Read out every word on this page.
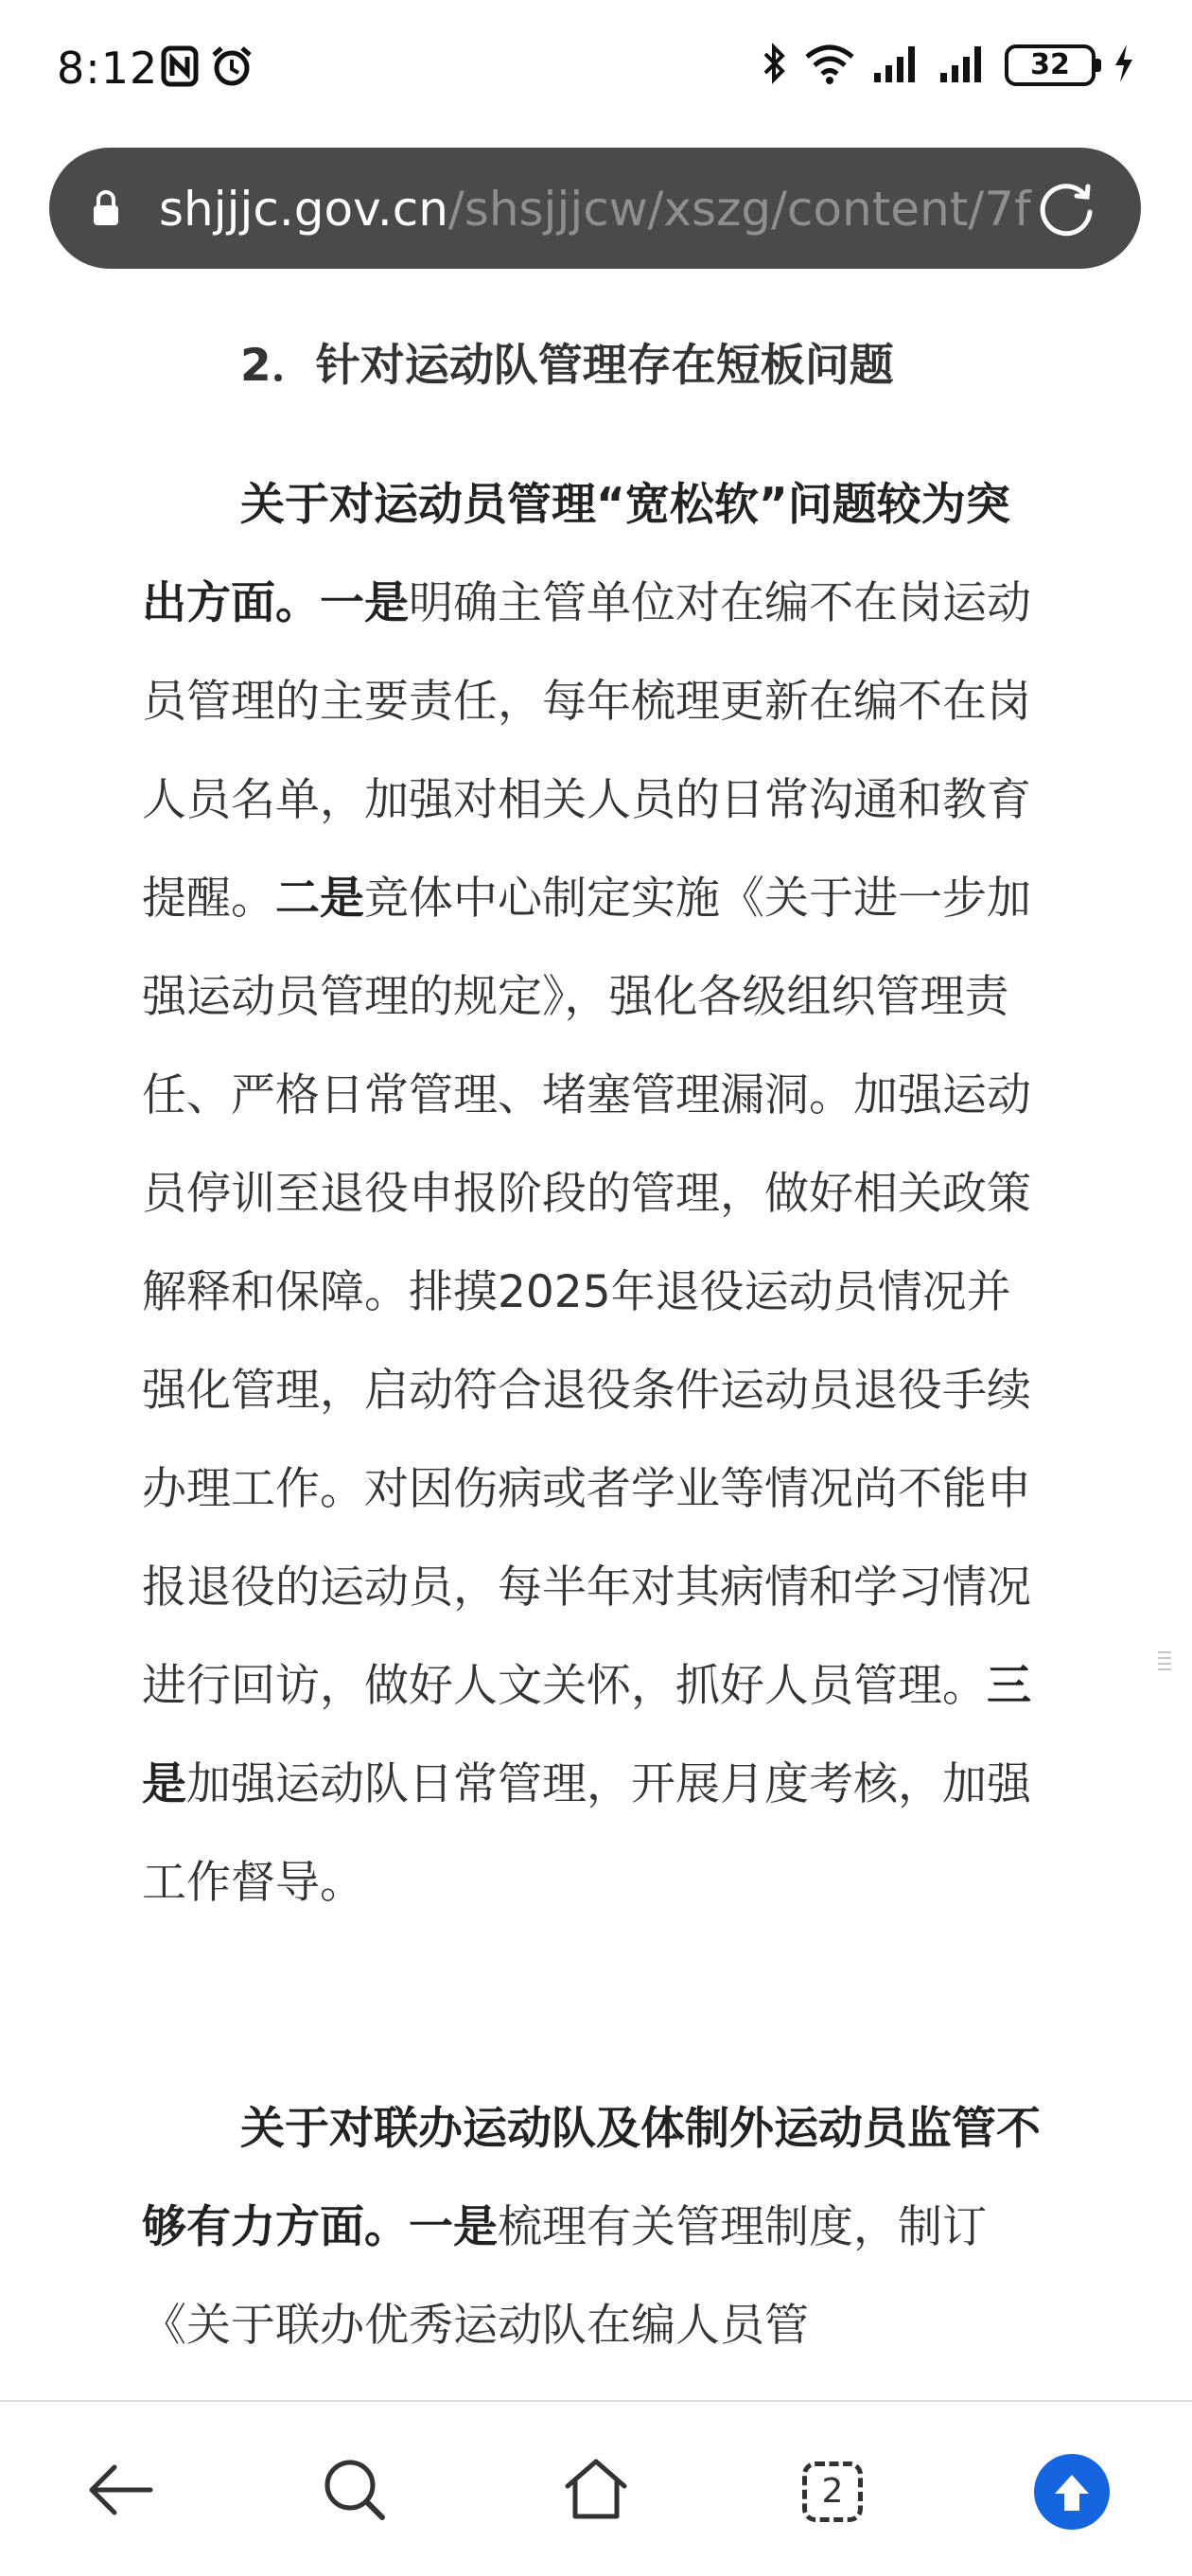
8:12	32
shjjjc.gov.cn/shsjjjcw/xszg/content/7f

2．针对运动队管理存在短板问题

关于对运动员管理“宽松软”问题较为突出方面。一是明确主管单位对在编不在岗运动员管理的主要责任，每年梳理更新在编不在岗人员名单，加强对相关人员的日常沟通和教育提醒。二是竞体中心制定实施《关于进一步加强运动员管理的规定》，强化各级组织管理责任、严格日常管理、堵塞管理漏洞。加强运动员停训至退役申报阶段的管理，做好相关政策解释和保障。排摸2025年退役运动员情况并强化管理，启动符合退役条件运动员退役手续办理工作。对因伤病或者学业等情况尚不能申报退役的运动员，每半年对其病情和学习情况进行回访，做好人文关怀，抓好人员管理。三是加强运动队日常管理，开展月度考核，加强工作督导。

关于对联办运动队及体制外运动员监管不够有力方面。一是梳理有关管理制度，制订《关于联办优秀运动队在编人员管

2
